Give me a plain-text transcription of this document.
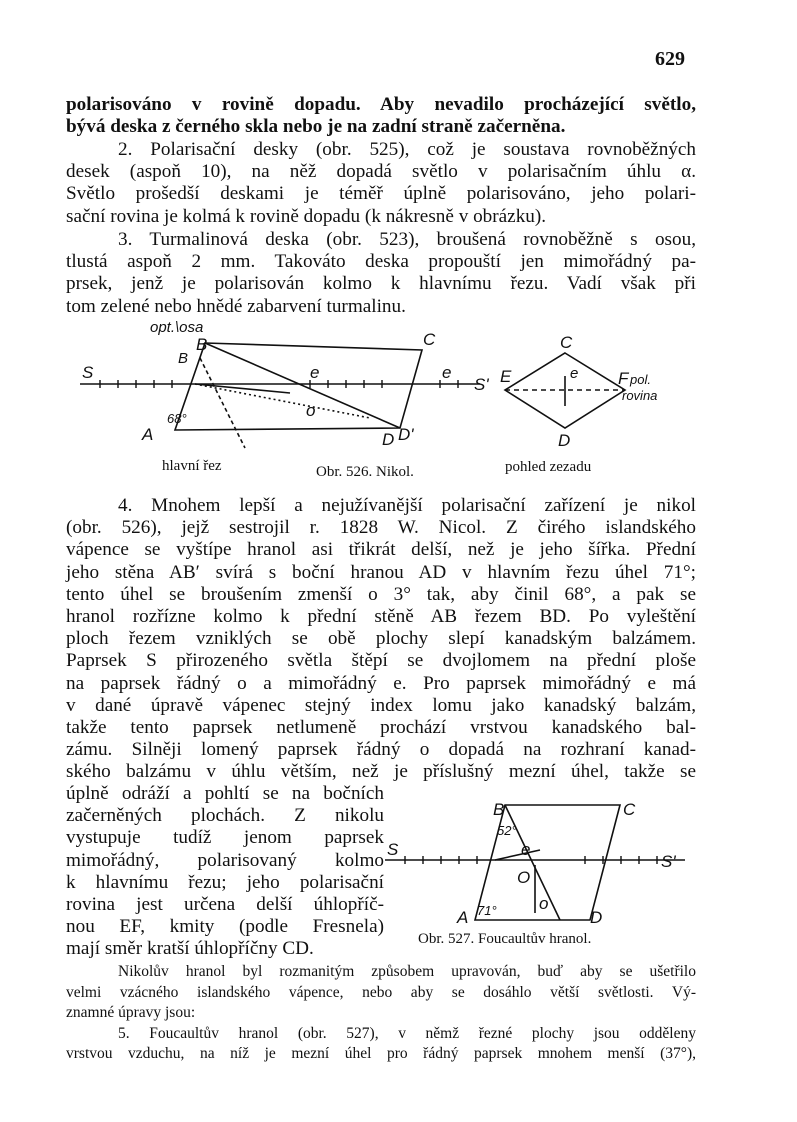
629
polarisováno v rovině dopadu. Aby nevadilo procházející světlo,
bývá deska z černého skla nebo je na zadní straně začerněna.
2. Polarisační desky (obr. 525), což je soustava rovnoběžných
desek (aspoň 10), na něž dopadá světlo v polarisačním úhlu α.
Světlo prošedší deskami je téměř úplně polarisováno, jeho polari-
sační rovina je kolmá k rovině dopadu (k nákresně v obrázku).
3. Turmalinová deska (obr. 523), broušená rovnoběžně s osou,
tlustá aspoň 2 mm. Takováto deska propouští jen mimořádný pa-
prsek, jenž je polarisován kolmo k hlavnímu řezu. Vadí však při
tom zelené nebo hnědé zabarvení turmalinu.
opt.\osa
B
B	C
S	e
o
A
68°
D D'
e
S'
C
E	e F pol.
rovina
D
hlavní řez	Obr. 526. Nikol.	pohled zezadu
4. Mnohem lepší a nejužívanější polarisační zařízení je nikol
(obr. 526), jejž sestrojil r. 1828 W. Nicol. Z čirého islandského
vápence se vyštípe hranol asi třikrát delší, než je jeho šířka. Přední
jeho stěna AB′ svírá s boční hranou AD v hlavním řezu úhel 71°;
tento úhel se broušením zmenší o 3° tak, aby činil 68°, a pak se
hranol rozřízne kolmo k přední stěně AB řezem BD. Po vyleštění
ploch řezem vzniklých se obě plochy slepí kanadským balzámem.
Paprsek S přirozeného světla štěpí se dvojlomem na přední ploše
na paprsek řádný o a mimořádný e. Pro paprsek mimořádný e má
v dané úpravě vápenec stejný index lomu jako kanadský balzám,
takže tento paprsek netlumeně prochází vrstvou kanadského bal-
zámu. Silněji lomený paprsek řádný o dopadá na rozhraní kanad-
ského balzámu v úhlu větším, než je příslušný mezní úhel, takže se
úplně odráží a pohltí se na bočních
začerněných plochách. Z nikolu
vystupuje tudíž jenom paprsek
mimořádný, polarisovaný kolmo
k hlavnímu řezu; jeho polarisační
rovina jest určena delší úhlopříč-
nou EF, kmity (podle Fresnela)
mají směr kratší úhlopříčny CD.
B	C
52°
S	e
S'
O
A 71° o
D
Obr. 527. Foucaultův hranol.
Nikolův hranol byl rozmanitým způsobem upravován, buď aby se ušetřilo
velmi vzácného islandského vápence, nebo aby se dosáhlo větší světlosti. Vý-
znamné úpravy jsou:
5. Foucaultův hranol (obr. 527), v němž řezné plochy jsou odděleny
vrstvou vzduchu, na níž je mezní úhel pro řádný paprsek mnohem menší (37°),
